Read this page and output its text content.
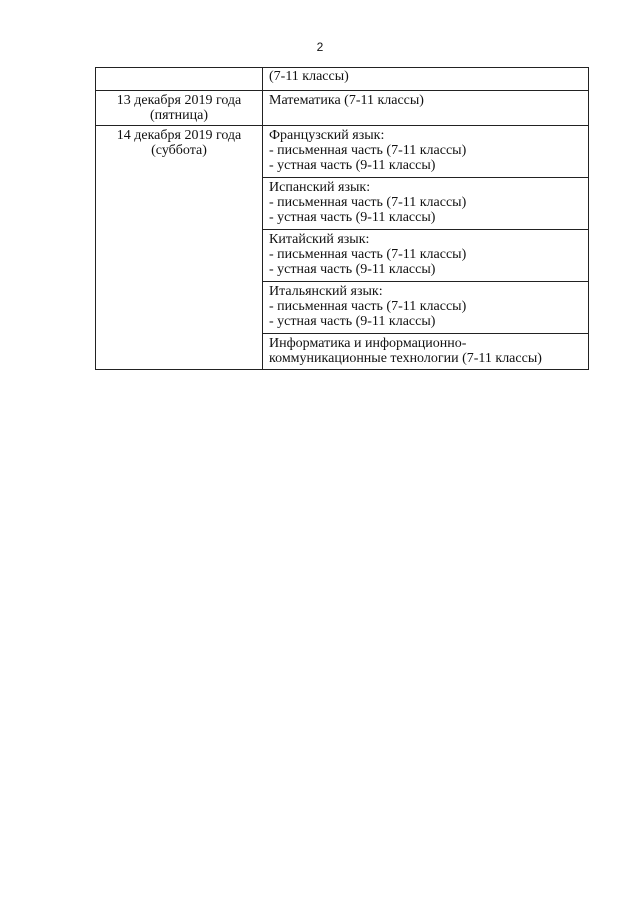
2

	(7-11 классы)

13 декабря 2019 года
(пятница)	Математика (7-11 классы)

14 декабря 2019 года
(суббота)	Французский язык:
- письменная часть (7-11 классы)
- устная часть (9-11 классы)

	Испанский язык:
- письменная часть (7-11 классы)
- устная часть (9-11 классы)

	Китайский язык:
- письменная часть (7-11 классы)
- устная часть (9-11 классы)

	Итальянский язык:
- письменная часть (7-11 классы)
- устная часть (9-11 классы)

	Информатика и информационно-
коммуникационные технологии (7-11 классы)
